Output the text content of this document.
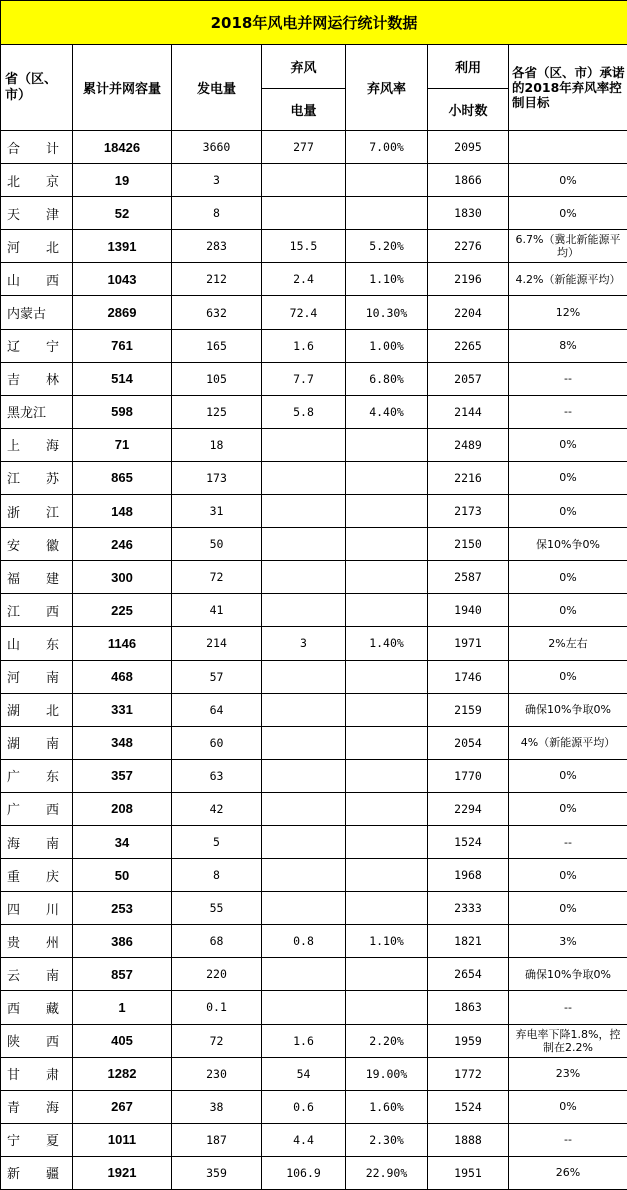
2018年风电并网运行统计数据						
省（区、市）	累计并网容量	发电量	弃风	弃风率	利用	各省（区、市）承诺的2018年弃风率控制目标
			电量		小时数	
合　　计	18426	3660	277	7.00%	2095	
北　　京	19	3			1866	0%
天　　津	52	8			1830	0%
河　　北	1391	283	15.5	5.20%	2276	6.7%（冀北新能源平均）
山　　西	1043	212	2.4	1.10%	2196	4.2%（新能源平均）
内蒙古	2869	632	72.4	10.30%	2204	12%
辽　　宁	761	165	1.6	1.00%	2265	8%
吉　　林	514	105	7.7	6.80%	2057	--
黑龙江	598	125	5.8	4.40%	2144	--
上　　海	71	18			2489	0%
江　　苏	865	173			2216	0%
浙　　江	148	31			2173	0%
安　　徽	246	50			2150	保10%争0%
福　　建	300	72			2587	0%
江　　西	225	41			1940	0%
山　　东	1146	214	3	1.40%	1971	2%左右
河　　南	468	57			1746	0%
湖　　北	331	64			2159	确保10%争取0%
湖　　南	348	60			2054	4%（新能源平均）
广　　东	357	63			1770	0%
广　　西	208	42			2294	0%
海　　南	34	5			1524	--
重　　庆	50	8			1968	0%
四　　川	253	55			2333	0%
贵　　州	386	68	0.8	1.10%	1821	3%
云　　南	857	220			2654	确保10%争取0%
西　　藏	1	0.1			1863	--
陕　　西	405	72	1.6	2.20%	1959	弃电率下降1.8%，控制在2.2%
甘　　肃	1282	230	54	19.00%	1772	23%
青　　海	267	38	0.6	1.60%	1524	0%
宁　　夏	1011	187	4.4	2.30%	1888	--
新　　疆	1921	359	106.9	22.90%	1951	26%
